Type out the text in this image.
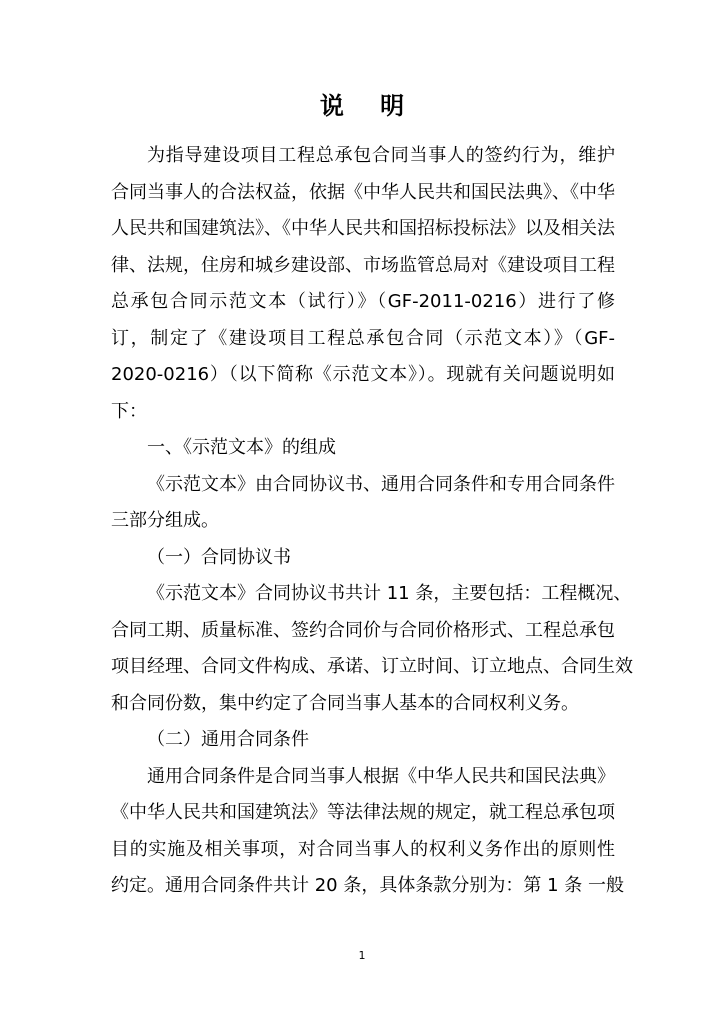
说 明
为指导建设项目工程总承包合同当事人的签约行为，维护
合同当事人的合法权益，依据《中华人民共和国民法典》、《中华
人民共和国建筑法》、《中华人民共和国招标投标法》以及相关法
律、法规，住房和城乡建设部、市场监管总局对《建设项目工程
总承包合同示范文本（试行）》（GF-2011-0216）进行了修
订，制定了《建设项目工程总承包合同（示范文本）》（GF-
2020-0216）（以下简称《示范文本》）。现就有关问题说明如
下：
一、《示范文本》的组成
《示范文本》由合同协议书、通用合同条件和专用合同条件
三部分组成。
（一）合同协议书
《示范文本》合同协议书共计 11 条，主要包括：工程概况、
合同工期、质量标准、签约合同价与合同价格形式、工程总承包
项目经理、合同文件构成、承诺、订立时间、订立地点、合同生效
和合同份数，集中约定了合同当事人基本的合同权利义务。
（二）通用合同条件
通用合同条件是合同当事人根据《中华人民共和国民法典》
《中华人民共和国建筑法》等法律法规的规定，就工程总承包项
目的实施及相关事项，对合同当事人的权利义务作出的原则性
约定。通用合同条件共计 20 条，具体条款分别为：第 1 条 一般
1
